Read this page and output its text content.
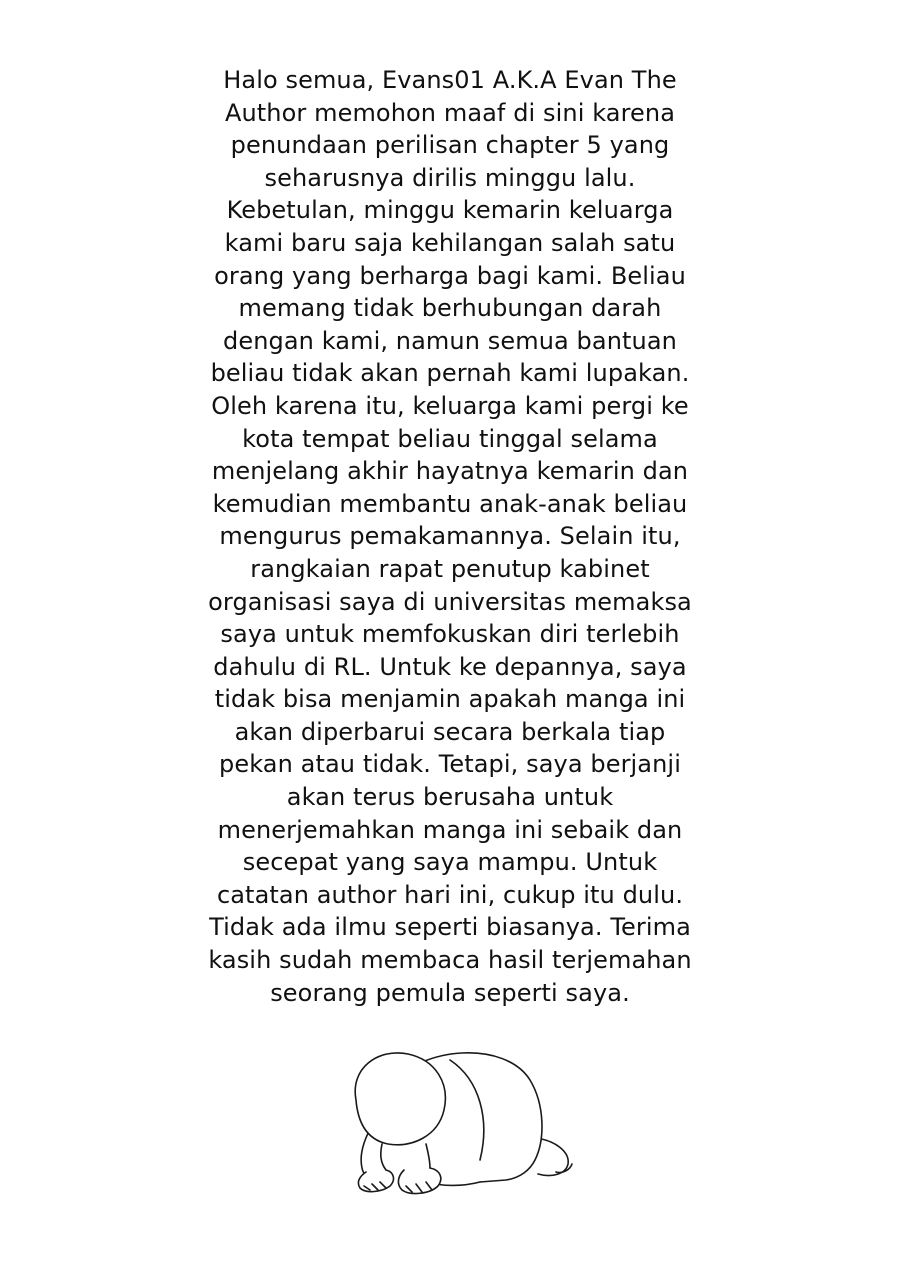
Halo semua, Evans01 A.K.A Evan The
Author memohon maaf di sini karena
penundaan perilisan chapter 5 yang
seharusnya dirilis minggu lalu.
Kebetulan, minggu kemarin keluarga
kami baru saja kehilangan salah satu
orang yang berharga bagi kami. Beliau
memang tidak berhubungan darah
dengan kami, namun semua bantuan
beliau tidak akan pernah kami lupakan.
Oleh karena itu, keluarga kami pergi ke
kota tempat beliau tinggal selama
menjelang akhir hayatnya kemarin dan
kemudian membantu anak-anak beliau
mengurus pemakamannya. Selain itu,
rangkaian rapat penutup kabinet
organisasi saya di universitas memaksa
saya untuk memfokuskan diri terlebih
dahulu di RL. Untuk ke depannya, saya
tidak bisa menjamin apakah manga ini
akan diperbarui secara berkala tiap
pekan atau tidak. Tetapi, saya berjanji
akan terus berusaha untuk
menerjemahkan manga ini sebaik dan
secepat yang saya mampu. Untuk
catatan author hari ini, cukup itu dulu.
Tidak ada ilmu seperti biasanya. Terima
kasih sudah membaca hasil terjemahan
seorang pemula seperti saya.
